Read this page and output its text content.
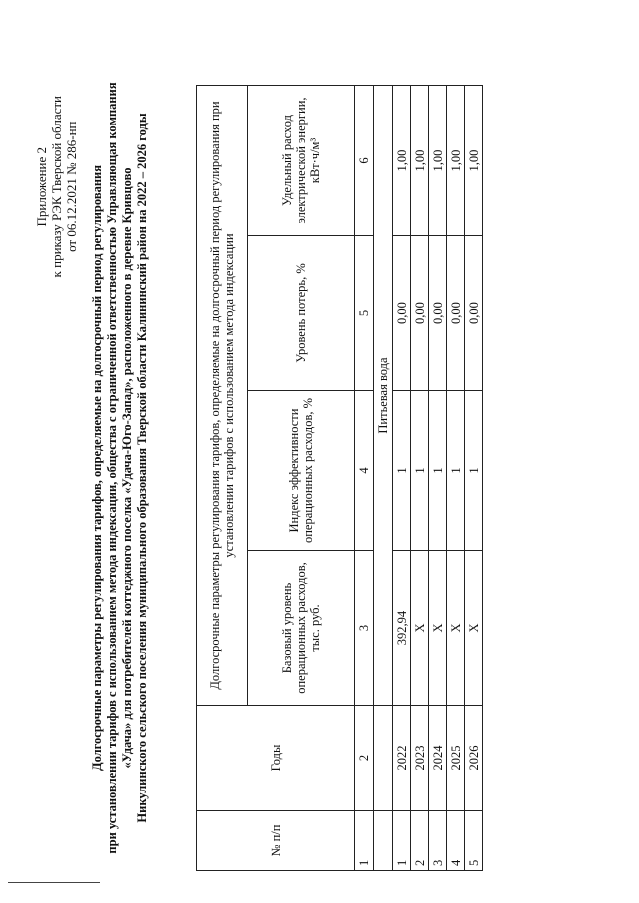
Приложение 2 к приказу РЭК Тверской области от 06.12.2021 № 286-нп Долгосрочные параметры регулирования тарифов, определяемые на долгосрочный период регулирования при установлении тарифов с использованием метода индексации, общества с ограниченной ответственностью Управляющая компания «Удача» для потребителей коттеджного поселка «Удача-Юго-Запад», расположенного в деревне Кривцово Никулинского сельского поселения муниципального образования Тверской области Калининский район на 2022 – 2026 годы
№ п/п	Годы	Долгосрочные параметры регулирования тарифов, определяемые на долгосрочный период регулирования при установлении тарифов с использованием метода индексации			
		Базовый уровень операционных расходов, тыс. руб.	Индекс эффективности операционных расходов, %	Уровень потерь, %	Удельный расход электрической энергии, кВт·ч/м³
1	2	3	4	5	6
		Питьевая вода			
1	2022	392,94	1	0,00	1,00
2	2023	X	1	0,00	1,00
3	2024	X	1	0,00	1,00
4	2025	X	1	0,00	1,00
5	2026	X	1	0,00	1,00
